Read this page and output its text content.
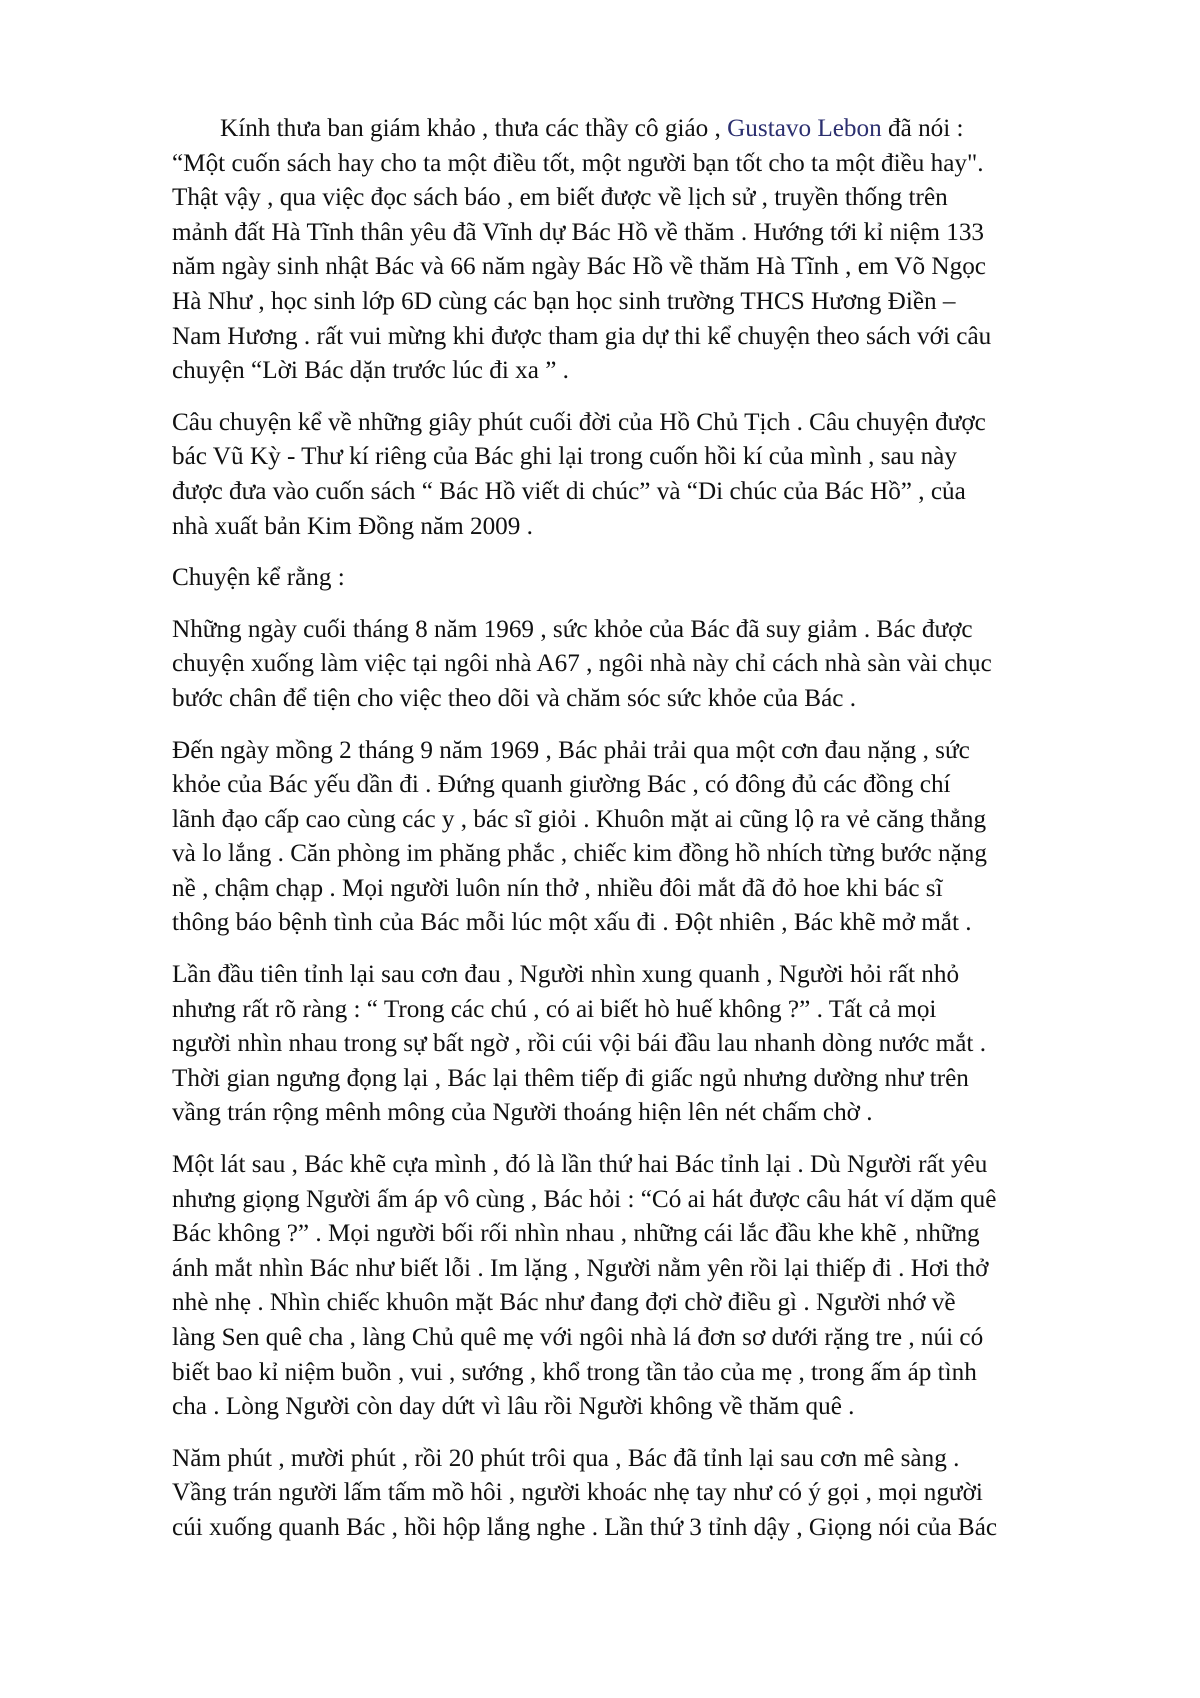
Kính thưa ban giám khảo , thưa các thầy cô giáo , Gustavo Lebon đã nói :
“Một cuốn sách hay cho ta một điều tốt, một người bạn tốt cho ta một điều hay".
Thật vậy , qua việc đọc sách báo , em biết được về lịch sử , truyền thống trên
mảnh đất Hà Tĩnh thân yêu đã Vĩnh dự Bác Hồ về thăm . Hướng tới kỉ niệm 133
năm ngày sinh nhật Bác và 66 năm ngày Bác Hồ về thăm Hà Tĩnh , em Võ Ngọc
Hà Như , học sinh lớp 6D cùng các bạn học sinh trường THCS Hương Điền –
Nam Hương . rất vui mừng khi được tham gia dự thi kể chuyện theo sách với câu
chuyện “Lời Bác dặn trước lúc đi xa ” .

Câu chuyện kể về những giây phút cuối đời của Hồ Chủ Tịch . Câu chuyện được
bác Vũ Kỳ - Thư kí riêng của Bác ghi lại trong cuốn hồi kí của mình , sau này
được đưa vào cuốn sách “ Bác Hồ viết di chúc” và “Di chúc của Bác Hồ” , của
nhà xuất bản Kim Đồng năm 2009 .

Chuyện kể rằng :

Những ngày cuối tháng 8 năm 1969 , sức khỏe của Bác đã suy giảm . Bác được
chuyện xuống làm việc tại ngôi nhà A67 , ngôi nhà này chỉ cách nhà sàn vài chục
bước chân để tiện cho việc theo dõi và chăm sóc sức khỏe của Bác .

Đến ngày mồng 2 tháng 9 năm 1969 , Bác phải trải qua một cơn đau nặng , sức
khỏe của Bác yếu dần đi . Đứng quanh giường Bác , có đông đủ các đồng chí
lãnh đạo cấp cao cùng các y , bác sĩ giỏi . Khuôn mặt ai cũng lộ ra vẻ căng thẳng
và lo lắng . Căn phòng im phăng phắc , chiếc kim đồng hồ nhích từng bước nặng
nề , chậm chạp . Mọi người luôn nín thở , nhiều đôi mắt đã đỏ hoe khi bác sĩ
thông báo bệnh tình của Bác mỗi lúc một xấu đi . Đột nhiên , Bác khẽ mở mắt .

Lần đầu tiên tỉnh lại sau cơn đau , Người nhìn xung quanh , Người hỏi rất nhỏ
nhưng rất rõ ràng : “ Trong các chú , có ai biết hò huế không ?” . Tất cả mọi
người nhìn nhau trong sự bất ngờ , rồi cúi vội bái đầu lau nhanh dòng nước mắt .
Thời gian ngưng đọng lại , Bác lại thêm tiếp đi giấc ngủ nhưng dường như trên
vầng trán rộng mênh mông của Người thoáng hiện lên nét chấm chờ .

Một lát sau , Bác khẽ cựa mình , đó là lần thứ hai Bác tỉnh lại . Dù Người rất yêu
nhưng giọng Người ấm áp vô cùng , Bác hỏi : “Có ai hát được câu hát ví dặm quê
Bác không ?” . Mọi người bối rối nhìn nhau , những cái lắc đầu khe khẽ , những
ánh mắt nhìn Bác như biết lỗi . Im lặng , Người nằm yên rồi lại thiếp đi . Hơi thở
nhè nhẹ . Nhìn chiếc khuôn mặt Bác như đang đợi chờ điều gì . Người nhớ về
làng Sen quê cha , làng Chủ quê mẹ với ngôi nhà lá đơn sơ dưới rặng tre , núi có
biết bao kỉ niệm buồn , vui , sướng , khổ trong tần tảo của mẹ , trong ấm áp tình
cha . Lòng Người còn day dứt vì lâu rồi Người không về thăm quê .

Năm phút , mười phút , rồi 20 phút trôi qua , Bác đã tỉnh lại sau cơn mê sàng .
Vầng trán người lấm tấm mồ hôi , người khoác nhẹ tay như có ý gọi , mọi người
cúi xuống quanh Bác , hồi hộp lắng nghe . Lần thứ 3 tỉnh dậy , Giọng nói của Bác
